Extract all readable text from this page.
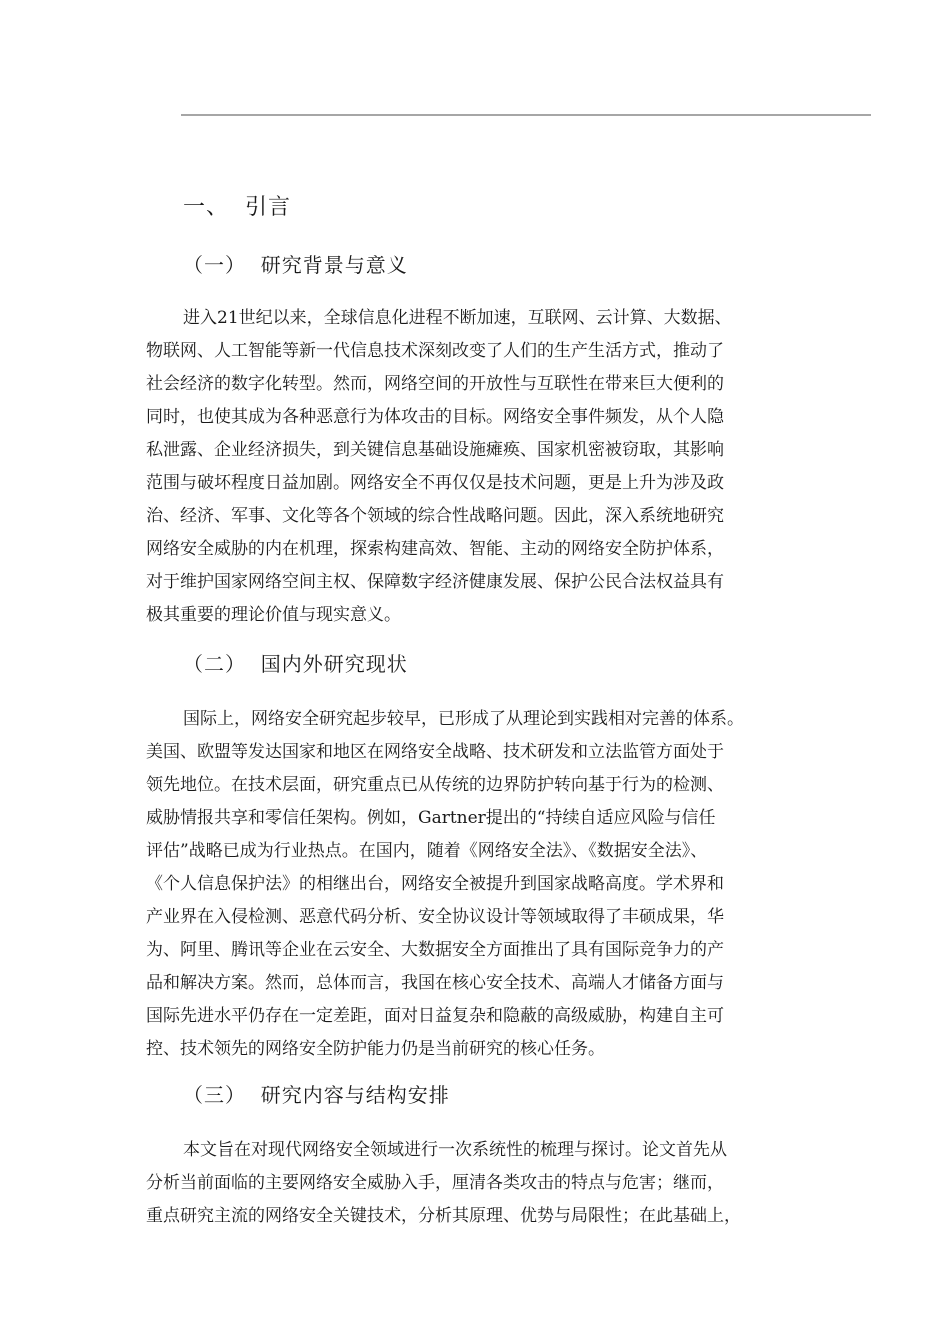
一、  引言
（一）  研究背景与意义
进入21世纪以来，全球信息化进程不断加速，互联网、云计算、大数据、
物联网、人工智能等新一代信息技术深刻改变了人们的生产生活方式，推动了
社会经济的数字化转型。然而，网络空间的开放性与互联性在带来巨大便利的
同时，也使其成为各种恶意行为体攻击的目标。网络安全事件频发，从个人隐
私泄露、企业经济损失，到关键信息基础设施瘫痪、国家机密被窃取，其影响
范围与破坏程度日益加剧。网络安全不再仅仅是技术问题，更是上升为涉及政
治、经济、军事、文化等各个领域的综合性战略问题。因此，深入系统地研究
网络安全威胁的内在机理，探索构建高效、智能、主动的网络安全防护体系，
对于维护国家网络空间主权、保障数字经济健康发展、保护公民合法权益具有
极其重要的理论价值与现实意义。
（二）  国内外研究现状
国际上，网络安全研究起步较早，已形成了从理论到实践相对完善的体系。
美国、欧盟等发达国家和地区在网络安全战略、技术研发和立法监管方面处于
领先地位。在技术层面，研究重点已从传统的边界防护转向基于行为的检测、
威胁情报共享和零信任架构。例如，Gartner提出的“持续自适应风险与信任
评估”战略已成为行业热点。在国内，随着《网络安全法》、《数据安全法》、
《个人信息保护法》的相继出台，网络安全被提升到国家战略高度。学术界和
产业界在入侵检测、恶意代码分析、安全协议设计等领域取得了丰硕成果，华
为、阿里、腾讯等企业在云安全、大数据安全方面推出了具有国际竞争力的产
品和解决方案。然而，总体而言，我国在核心安全技术、高端人才储备方面与
国际先进水平仍存在一定差距，面对日益复杂和隐蔽的高级威胁，构建自主可
控、技术领先的网络安全防护能力仍是当前研究的核心任务。
（三）  研究内容与结构安排
本文旨在对现代网络安全领域进行一次系统性的梳理与探讨。论文首先从
分析当前面临的主要网络安全威胁入手，厘清各类攻击的特点与危害；继而，
重点研究主流的网络安全关键技术，分析其原理、优势与局限性；在此基础上，
